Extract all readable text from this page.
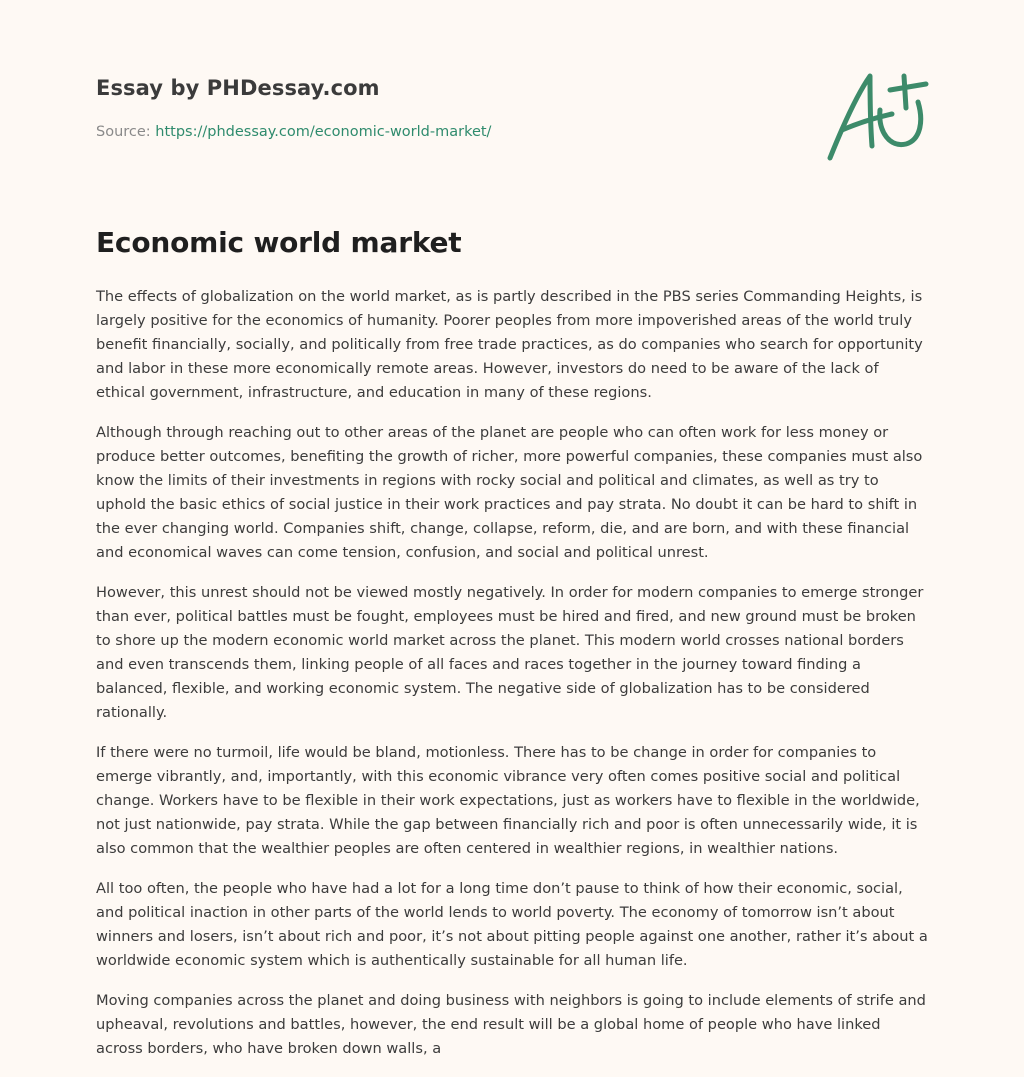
Essay by PHDessay.com
Source: https://phdessay.com/economic-world-market/
Economic world market

The effects of globalization on the world market, as is partly described in the PBS series Commanding Heights, is largely positive for the economics of humanity. Poorer peoples from more impoverished areas of the world truly benefit financially, socially, and politically from free trade practices, as do companies who search for opportunity and labor in these more economically remote areas. However, investors do need to be aware of the lack of ethical government, infrastructure, and education in many of these regions.

Although through reaching out to other areas of the planet are people who can often work for less money or produce better outcomes, benefiting the growth of richer, more powerful companies, these companies must also know the limits of their investments in regions with rocky social and political and climates, as well as try to uphold the basic ethics of social justice in their work practices and pay strata. No doubt it can be hard to shift in the ever changing world. Companies shift, change, collapse, reform, die, and are born, and with these financial and economical waves can come tension, confusion, and social and political unrest.

However, this unrest should not be viewed mostly negatively. In order for modern companies to emerge stronger than ever, political battles must be fought, employees must be hired and fired, and new ground must be broken to shore up the modern economic world market across the planet. This modern world crosses national borders and even transcends them, linking people of all faces and races together in the journey toward finding a balanced, flexible, and working economic system. The negative side of globalization has to be considered rationally.

If there were no turmoil, life would be bland, motionless. There has to be change in order for companies to emerge vibrantly, and, importantly, with this economic vibrance very often comes positive social and political change. Workers have to be flexible in their work expectations, just as workers have to flexible in the worldwide, not just nationwide, pay strata. While the gap between financially rich and poor is often unnecessarily wide, it is also common that the wealthier peoples are often centered in wealthier regions, in wealthier nations.

All too often, the people who have had a lot for a long time don’t pause to think of how their economic, social, and political inaction in other parts of the world lends to world poverty. The economy of tomorrow isn’t about winners and losers, isn’t about rich and poor, it’s not about pitting people against one another, rather it’s about a worldwide economic system which is authentically sustainable for all human life.

Moving companies across the planet and doing business with neighbors is going to include elements of strife and upheaval, revolutions and battles, however, the end result will be a global home of people who have linked across borders, who have broken down walls, a
